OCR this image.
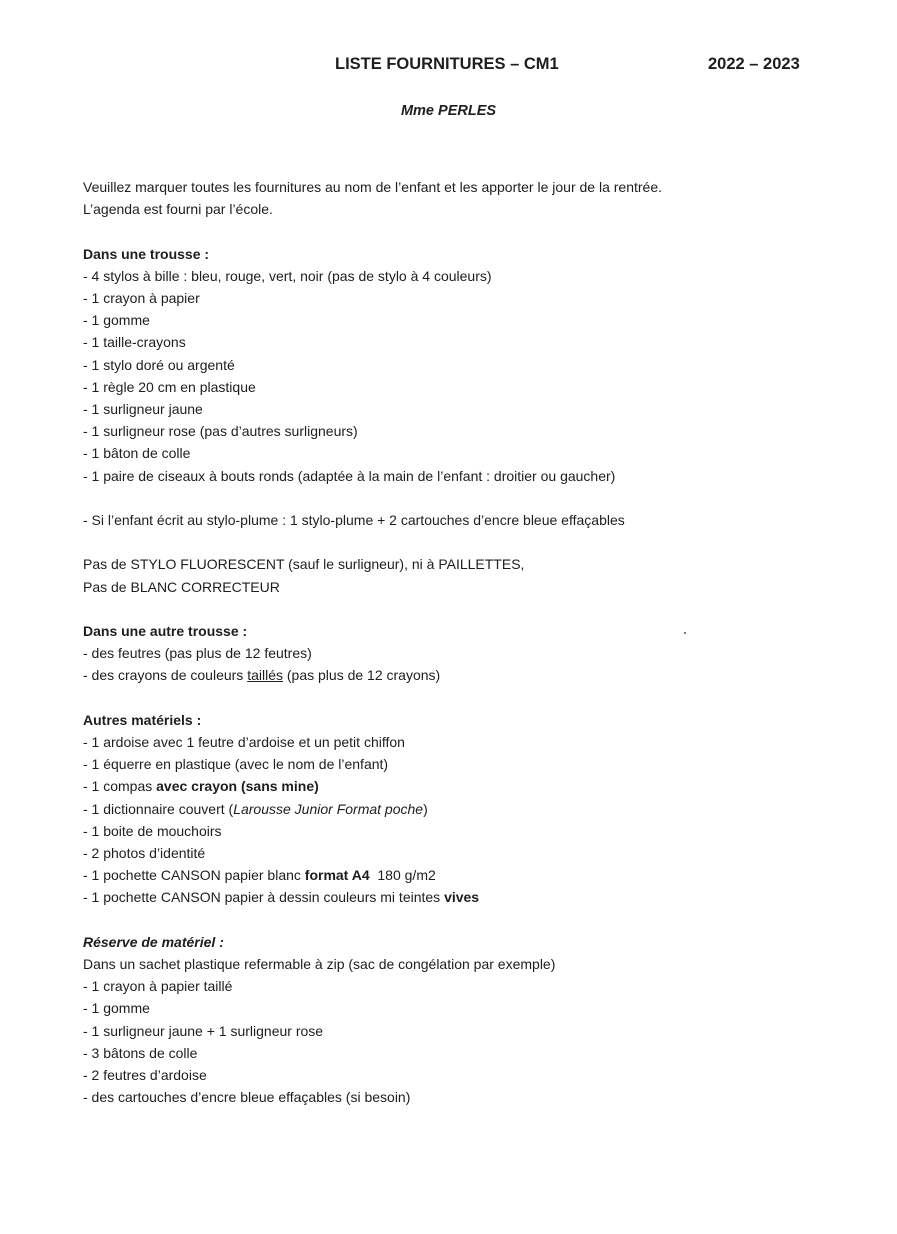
LISTE FOURNITURES – CM1	2022 – 2023
Mme PERLES
Veuillez marquer toutes les fournitures au nom de l’enfant et les apporter le jour de la rentrée.
L’agenda est fourni par l’école.
Dans une trousse :
- 4 stylos à bille : bleu, rouge, vert, noir (pas de stylo à 4 couleurs)
- 1 crayon à papier
- 1 gomme
- 1 taille-crayons
- 1 stylo doré ou argenté
- 1 règle 20 cm en plastique
- 1 surligneur jaune
- 1 surligneur rose (pas d’autres surligneurs)
- 1 bâton de colle
- 1 paire de ciseaux à bouts ronds (adaptée à la main de l’enfant : droitier ou gaucher)
- Si l’enfant écrit au stylo-plume : 1 stylo-plume + 2 cartouches d’encre bleue effaçables
Pas de STYLO FLUORESCENT (sauf le surligneur), ni à PAILLETTES,
Pas de BLANC CORRECTEUR
Dans une autre trousse :
- des feutres (pas plus de 12 feutres)
- des crayons de couleurs taillés (pas plus de 12 crayons)
Autres matériels :
- 1 ardoise avec 1 feutre d’ardoise et un petit chiffon
- 1 équerre en plastique (avec le nom de l’enfant)
- 1 compas avec crayon (sans mine)
- 1 dictionnaire couvert (Larousse Junior Format poche)
- 1 boite de mouchoirs
- 2 photos d’identité
- 1 pochette CANSON papier blanc format A4  180 g/m2
- 1 pochette CANSON papier à dessin couleurs mi teintes vives
Réserve de matériel :
Dans un sachet plastique refermable à zip (sac de congélation par exemple)
- 1 crayon à papier taillé
- 1 gomme
- 1 surligneur jaune + 1 surligneur rose
- 3 bâtons de colle
- 2 feutres d’ardoise
- des cartouches d’encre bleue effaçables (si besoin)
